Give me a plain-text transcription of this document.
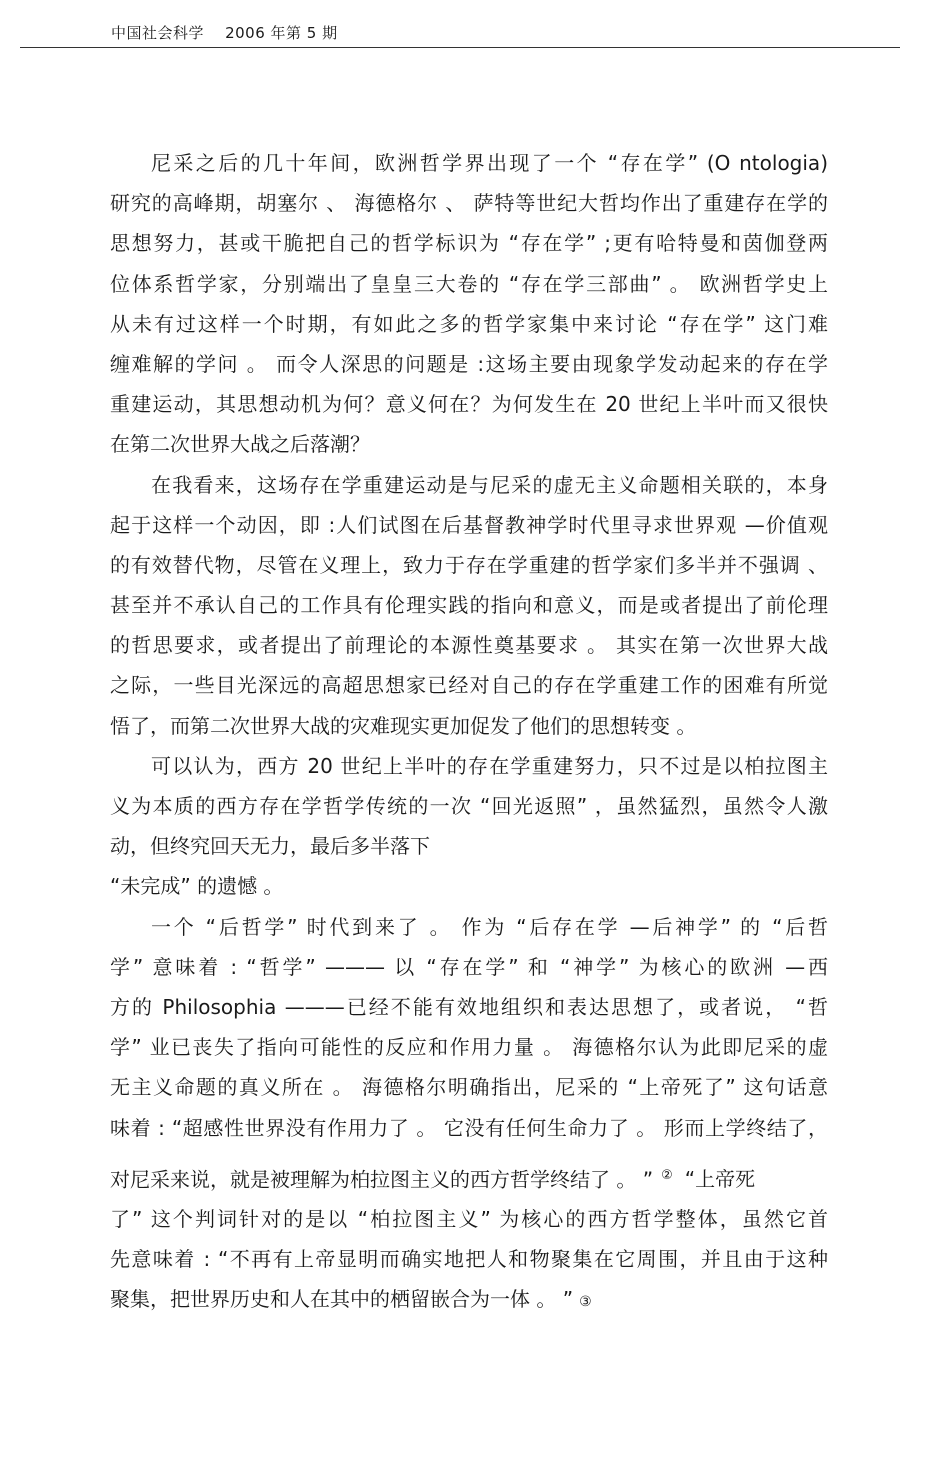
中国社会科学 2006 年第 5 期
尼采之后的几十年间，欧洲哲学界出现了一个 “存在学” (O ntologia)
研究的高峰期，胡塞尔 、 海德格尔 、 萨特等世纪大哲均作出了重建存在学的
思想努力，甚或干脆把自己的哲学标识为 “存在学” ;更有哈特曼和茵伽登两
位体系哲学家，分别端出了皇皇三大卷的 “存在学三部曲” 。 欧洲哲学史上
从未有过这样一个时期，有如此之多的哲学家集中来讨论 “存在学” 这门难
缠难解的学问 。 而令人深思的问题是 :这场主要由现象学发动起来的存在学
重建运动，其思想动机为何？意义何在？为何发生在 20 世纪上半叶而又很快
在第二次世界大战之后落潮？
在我看来，这场存在学重建运动是与尼采的虚无主义命题相关联的，本身
起于这样一个动因，即 :人们试图在后基督教神学时代里寻求世界观 —价值观
的有效替代物，尽管在义理上，致力于存在学重建的哲学家们多半并不强调 、
甚至并不承认自己的工作具有伦理实践的指向和意义，而是或者提出了前伦理
的哲思要求，或者提出了前理论的本源性奠基要求 。 其实在第一次世界大战
之际，一些目光深远的高超思想家已经对自己的存在学重建工作的困难有所觉
悟了，而第二次世界大战的灾难现实更加促发了他们的思想转变 。
可以认为，西方 20 世纪上半叶的存在学重建努力，只不过是以柏拉图主
义为本质的西方存在学哲学传统的一次 “回光返照” ，虽然猛烈，虽然令人激
动，但终究回天无力，最后多半落下
“未完成” 的遗憾 。
一个 “后哲学” 时代到来了 。 作为 “后存在学 —后神学” 的 “后哲
学” 意味着 : “哲学” ——— 以 “存在学” 和 “神学” 为核心的欧洲 —西
方的 Philosophia ———已经不能有效地组织和表达思想了，或者说， “哲
学” 业已丧失了指向可能性的反应和作用力量 。 海德格尔认为此即尼采的虚
无主义命题的真义所在 。 海德格尔明确指出，尼采的 “上帝死了” 这句话意
味着 : “超感性世界没有作用力了 。 它没有任何生命力了 。 形而上学终结了，
对尼采来说，就是被理解为柏拉图主义的西方哲学终结了 。 ” ② “上帝死
了” 这个判词针对的是以 “柏拉图主义” 为核心的西方哲学整体，虽然它首
先意味着 : “不再有上帝显明而确实地把人和物聚集在它周围，并且由于这种
聚集，把世界历史和人在其中的栖留嵌合为一体 。 ” ③
